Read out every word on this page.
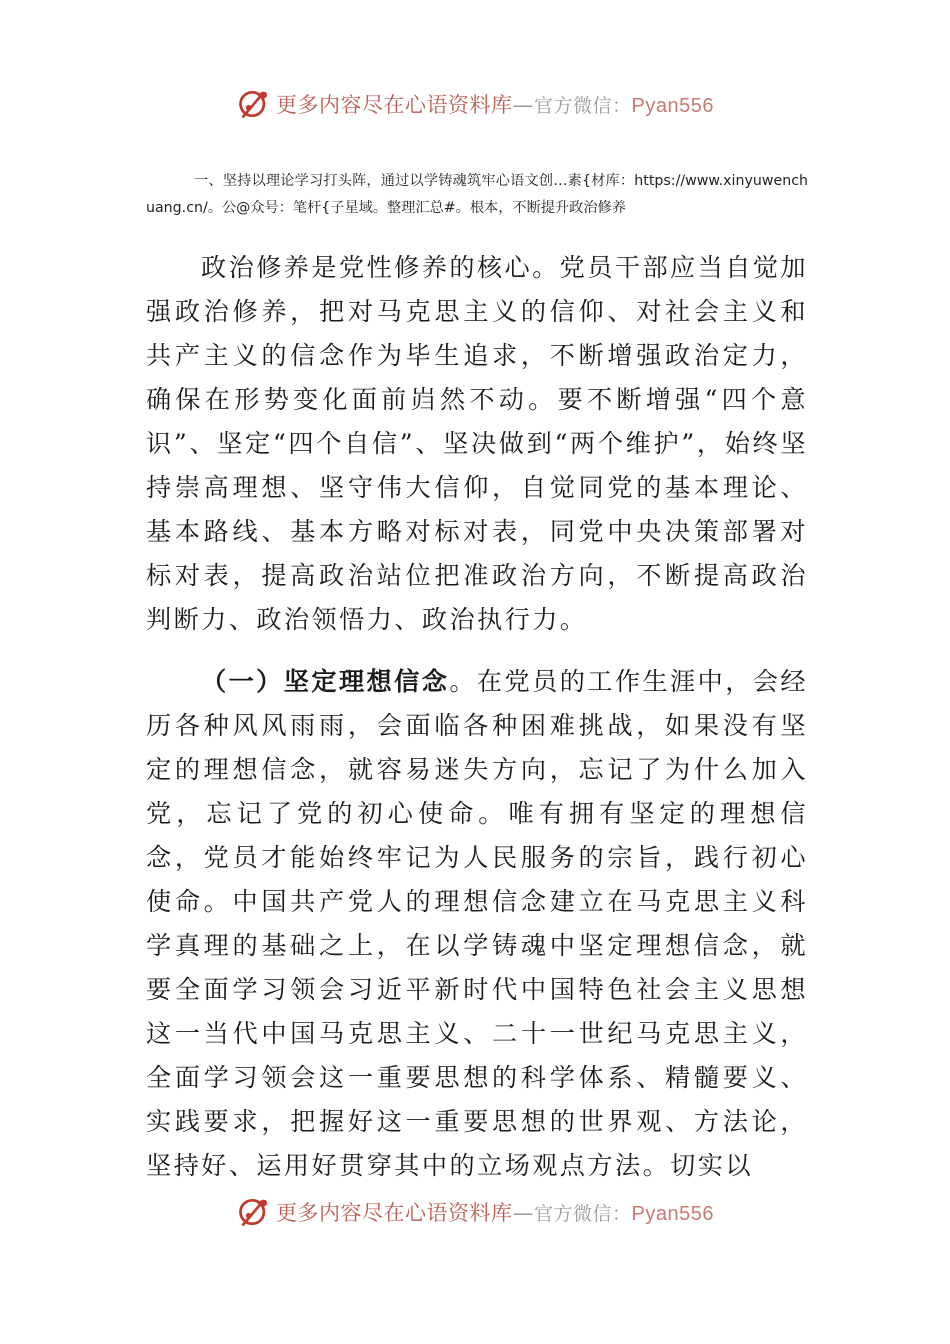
更多内容尽在心语资料库—官方微信：Pyan556
一、坚持以理论学习打头阵，通过以学铸魂筑牢心语文创…素{材库：https://www.xinyuwenchuang.cn/。公@众号：笔杆{子星域。整理汇总#。根本，不断提升政治修养

政治修养是党性修养的核心。党员干部应当自觉加强政治修养，把对马克思主义的信仰、对社会主义和共产主义的信念作为毕生追求，不断增强政治定力，确保在形势变化面前岿然不动。要不断增强“四个意识”、坚定“四个自信”、坚决做到“两个维护”，始终坚持崇高理想、坚守伟大信仰，自觉同党的基本理论、基本路线、基本方略对标对表，同党中央决策部署对标对表，提高政治站位把准政治方向，不断提高政治判断力、政治领悟力、政治执行力。

（一）坚定理想信念。在党员的工作生涯中，会经历各种风风雨雨，会面临各种困难挑战，如果没有坚定的理想信念，就容易迷失方向，忘记了为什么加入党，忘记了党的初心使命。唯有拥有坚定的理想信念，党员才能始终牢记为人民服务的宗旨，践行初心使命。中国共产党人的理想信念建立在马克思主义科学真理的基础之上，在以学铸魂中坚定理想信念，就要全面学习领会习近平新时代中国特色社会主义思想这一当代中国马克思主义、二十一世纪马克思主义，全面学习领会这一重要思想的科学体系、精髓要义、实践要求，把握好这一重要思想的世界观、方法论，坚持好、运用好贯穿其中的立场观点方法。切实以

更多内容尽在心语资料库—官方微信：Pyan556
